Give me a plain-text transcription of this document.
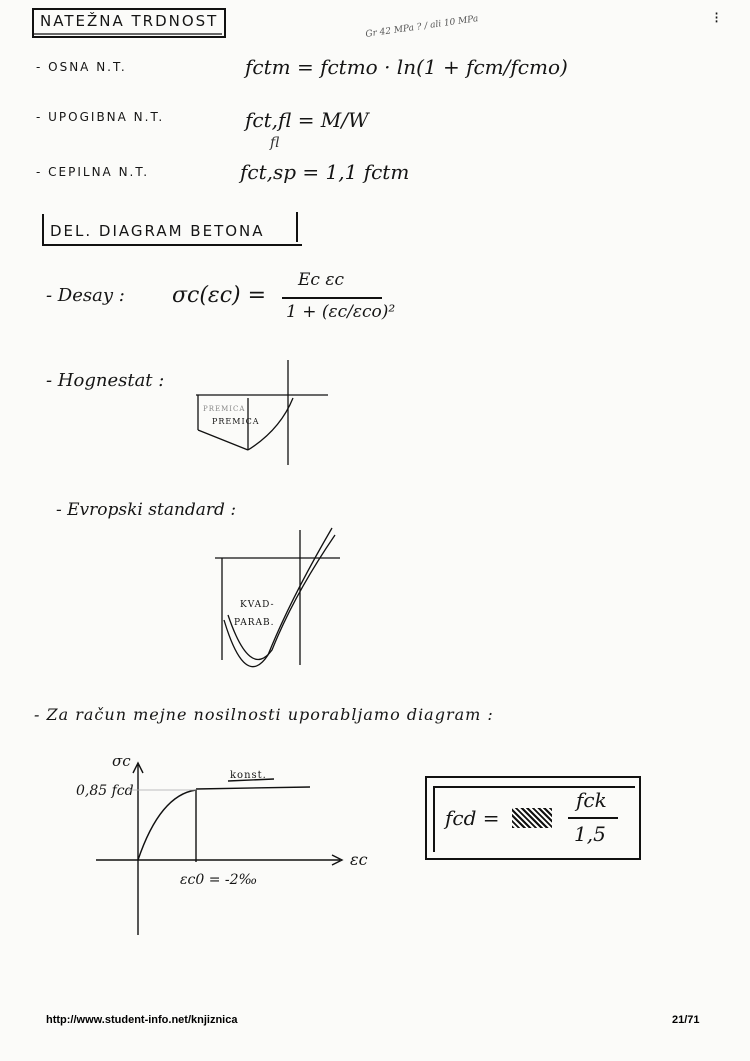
⁝
NATEŽNA TRDNOST	Gr 42 MPa ? / ali 10 MPa
- OSNA N.T.	fctm = fctmo · ln(1 + fcm/fcmo)
- UPOGIBNA N.T.	fct,fl = M/W
fl
- CEPILNA N.T.	fct,sp = 1,1 fctm
DEL. DIAGRAM BETONA
- Desay : σc(εc) =
Ec εc
1 + (εc/εco)²
- Hognestat :
PREMICA
PREMICA
- Evropski standard :
KVAD-
PARAB.
- Za račun mejne nosilnosti uporabljamo diagram :
σc
0,85 fcd
εc
εc0 = -2‰
konst.
fcd =
fck
1,5
http://www.student-info.net/knjiznica	21/71
